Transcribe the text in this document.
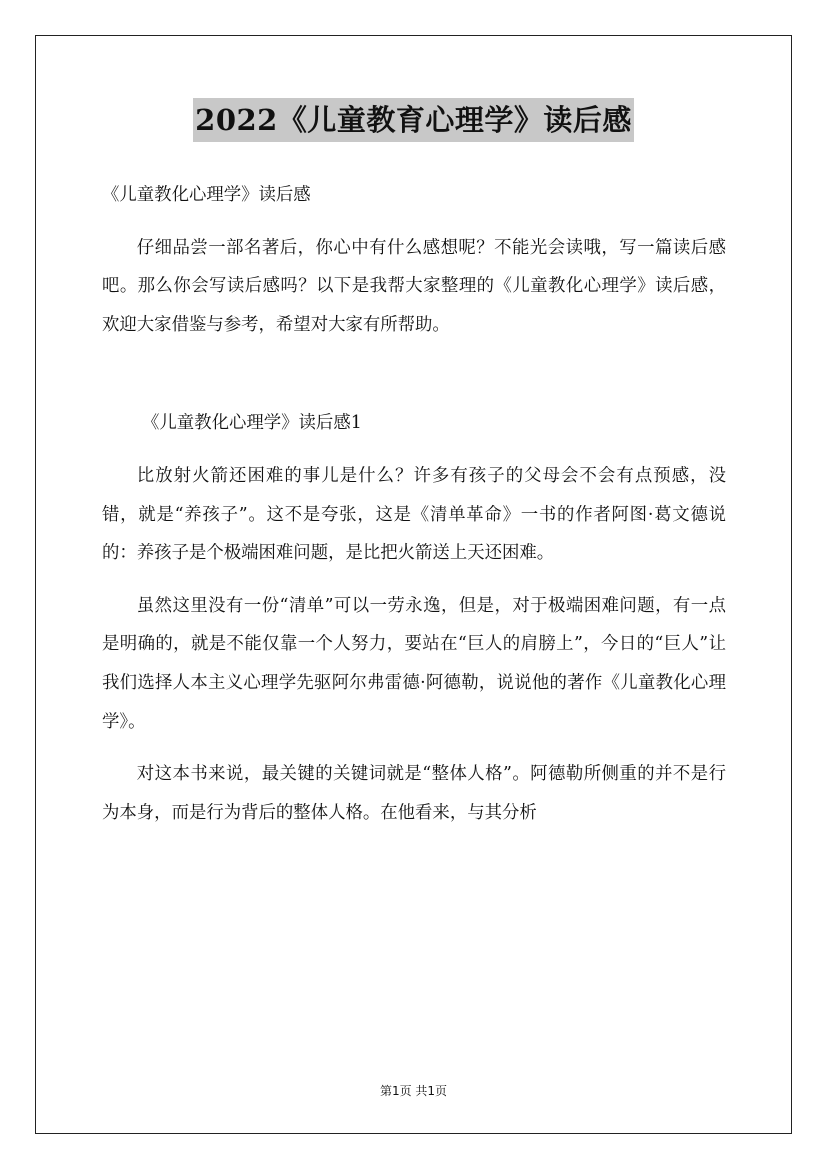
2022《儿童教育心理学》读后感

《儿童教化心理学》读后感

仔细品尝一部名著后，你心中有什么感想呢？不能光会读哦，写一篇读后感吧。那么你会写读后感吗？以下是我帮大家整理的《儿童教化心理学》读后感，欢迎大家借鉴与参考，希望对大家有所帮助。

《儿童教化心理学》读后感1

比放射火箭还困难的事儿是什么？许多有孩子的父母会不会有点预感，没错，就是“养孩子”。这不是夸张，这是《清单革命》一书的作者阿图·葛文德说的：养孩子是个极端困难问题，是比把火箭送上天还困难。

虽然这里没有一份“清单”可以一劳永逸，但是，对于极端困难问题，有一点是明确的，就是不能仅靠一个人努力，要站在“巨人的肩膀上”，今日的“巨人”让我们选择人本主义心理学先驱阿尔弗雷德·阿德勒，说说他的著作《儿童教化心理学》。

对这本书来说，最关键的关键词就是“整体人格”。阿德勒所侧重的并不是行为本身，而是行为背后的整体人格。在他看来，与其分析

第1页 共1页
